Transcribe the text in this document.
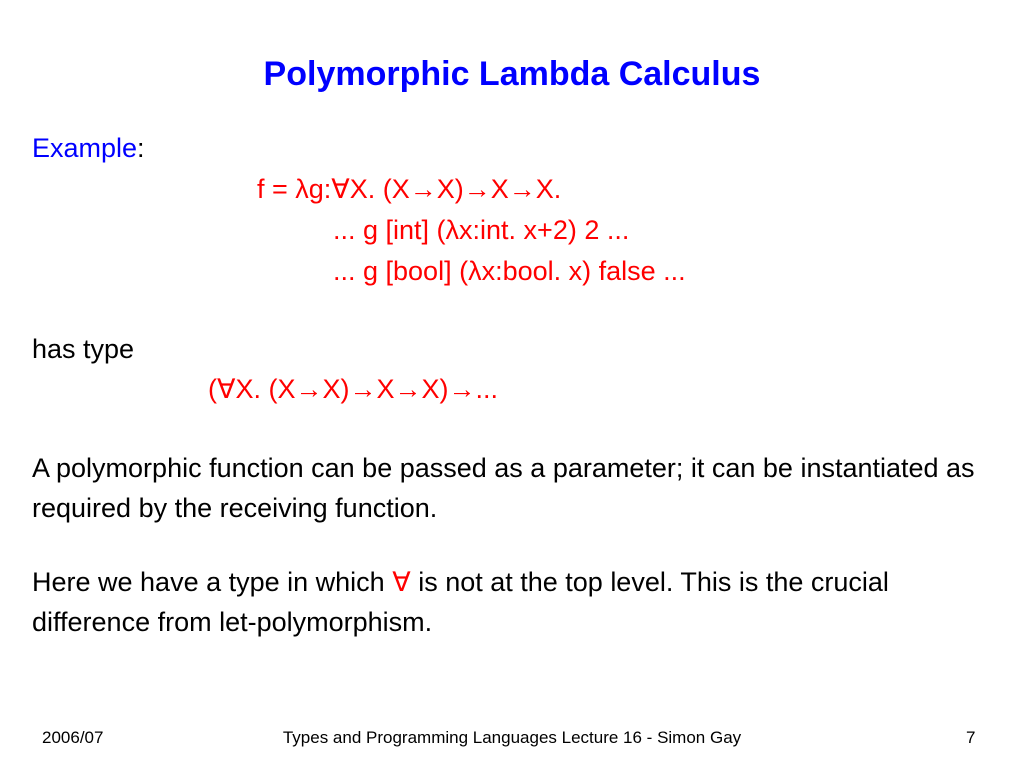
Polymorphic Lambda Calculus
Example:
f = λg:∀X. (X→X)→X→X.
... g [int] (λx:int. x+2) 2 ...
... g [bool] (λx:bool. x) false ...
has type
(∀X. (X→X)→X→X)→...
A polymorphic function can be passed as a parameter; it can be instantiated as required by the receiving function.
Here we have a type in which ∀ is not at the top level. This is the crucial difference from let-polymorphism.
2006/07	Types and Programming Languages Lecture 16 - Simon Gay	7
